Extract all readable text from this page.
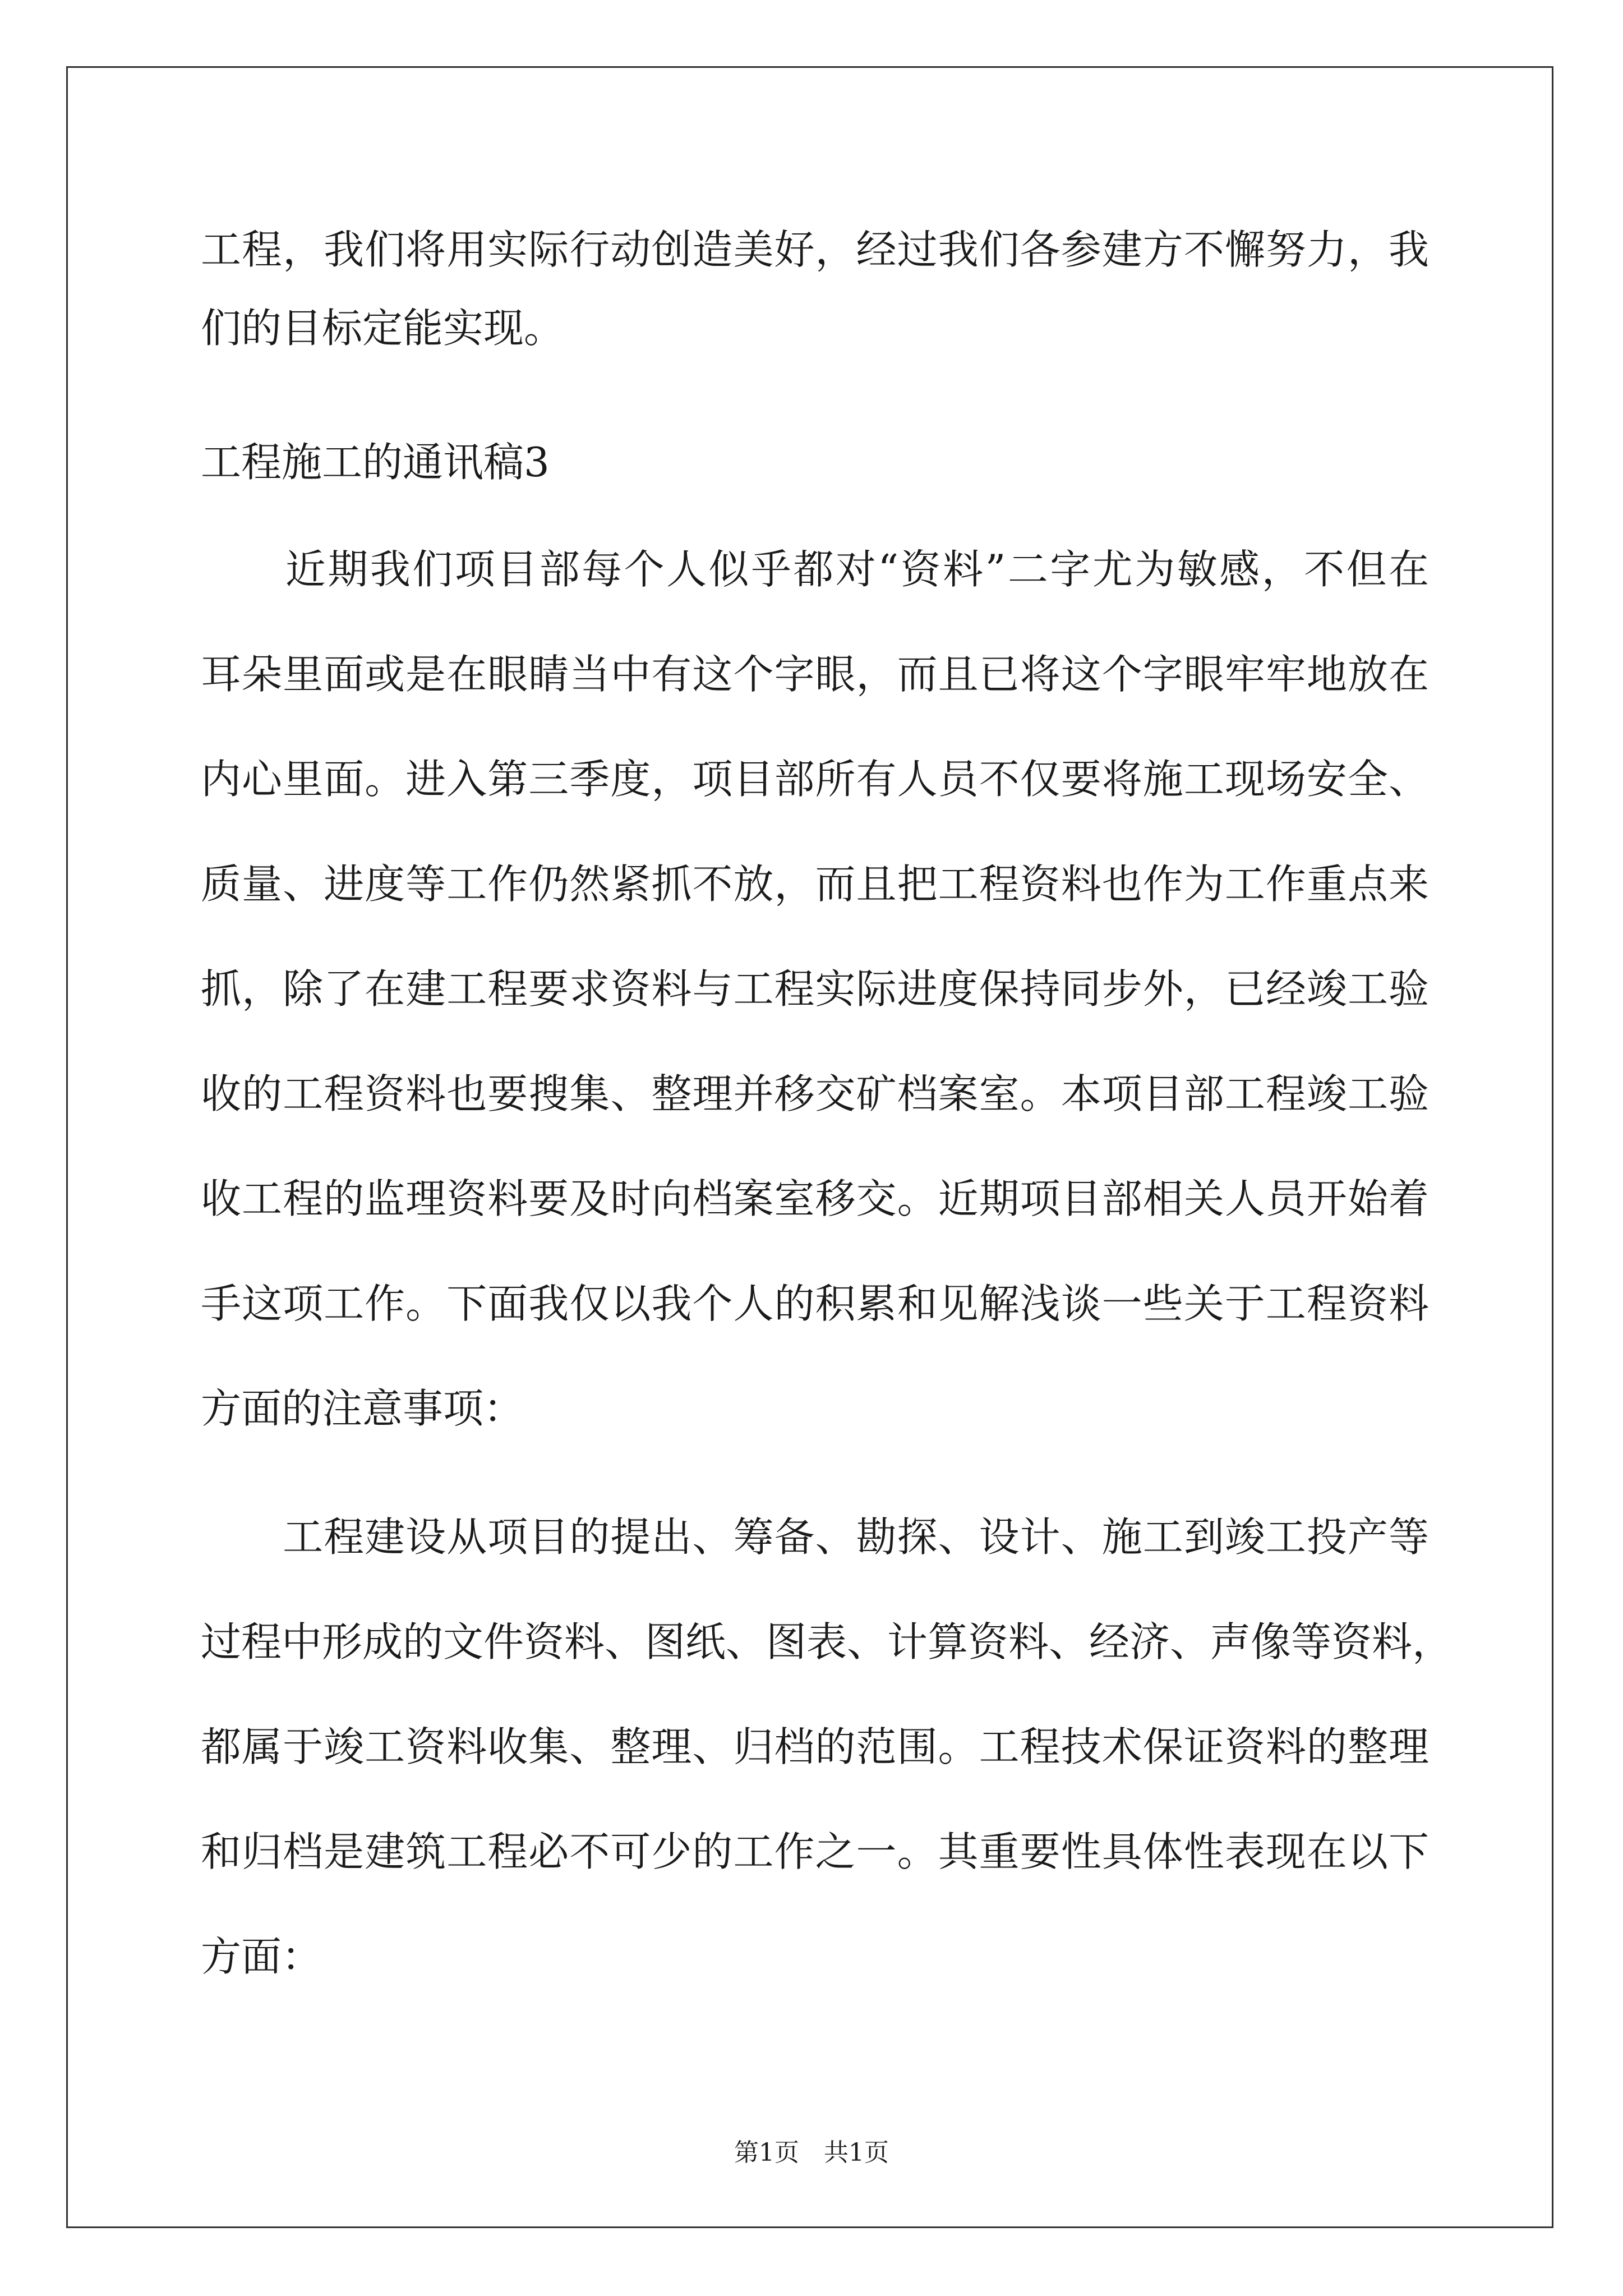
工程，我们将用实际行动创造美好，经过我们各参建方不懈努力，我
们的目标定能实现。
工程施工的通讯稿3
　　近期我们项目部每个人似乎都对“资料”二字尤为敏感，不但在
耳朵里面或是在眼睛当中有这个字眼，而且已将这个字眼牢牢地放在
内心里面。进入第三季度，项目部所有人员不仅要将施工现场安全、
质量、进度等工作仍然紧抓不放，而且把工程资料也作为工作重点来
抓，除了在建工程要求资料与工程实际进度保持同步外，已经竣工验
收的工程资料也要搜集、整理并移交矿档案室。本项目部工程竣工验
收工程的监理资料要及时向档案室移交。近期项目部相关人员开始着
手这项工作。下面我仅以我个人的积累和见解浅谈一些关于工程资料
方面的注意事项：
　　工程建设从项目的提出、筹备、勘探、设计、施工到竣工投产等
过程中形成的文件资料、图纸、图表、计算资料、经济、声像等资料，
都属于竣工资料收集、整理、归档的范围。工程技术保证资料的整理
和归档是建筑工程必不可少的工作之一。其重要性具体性表现在以下
方面：
第1页　共1页
